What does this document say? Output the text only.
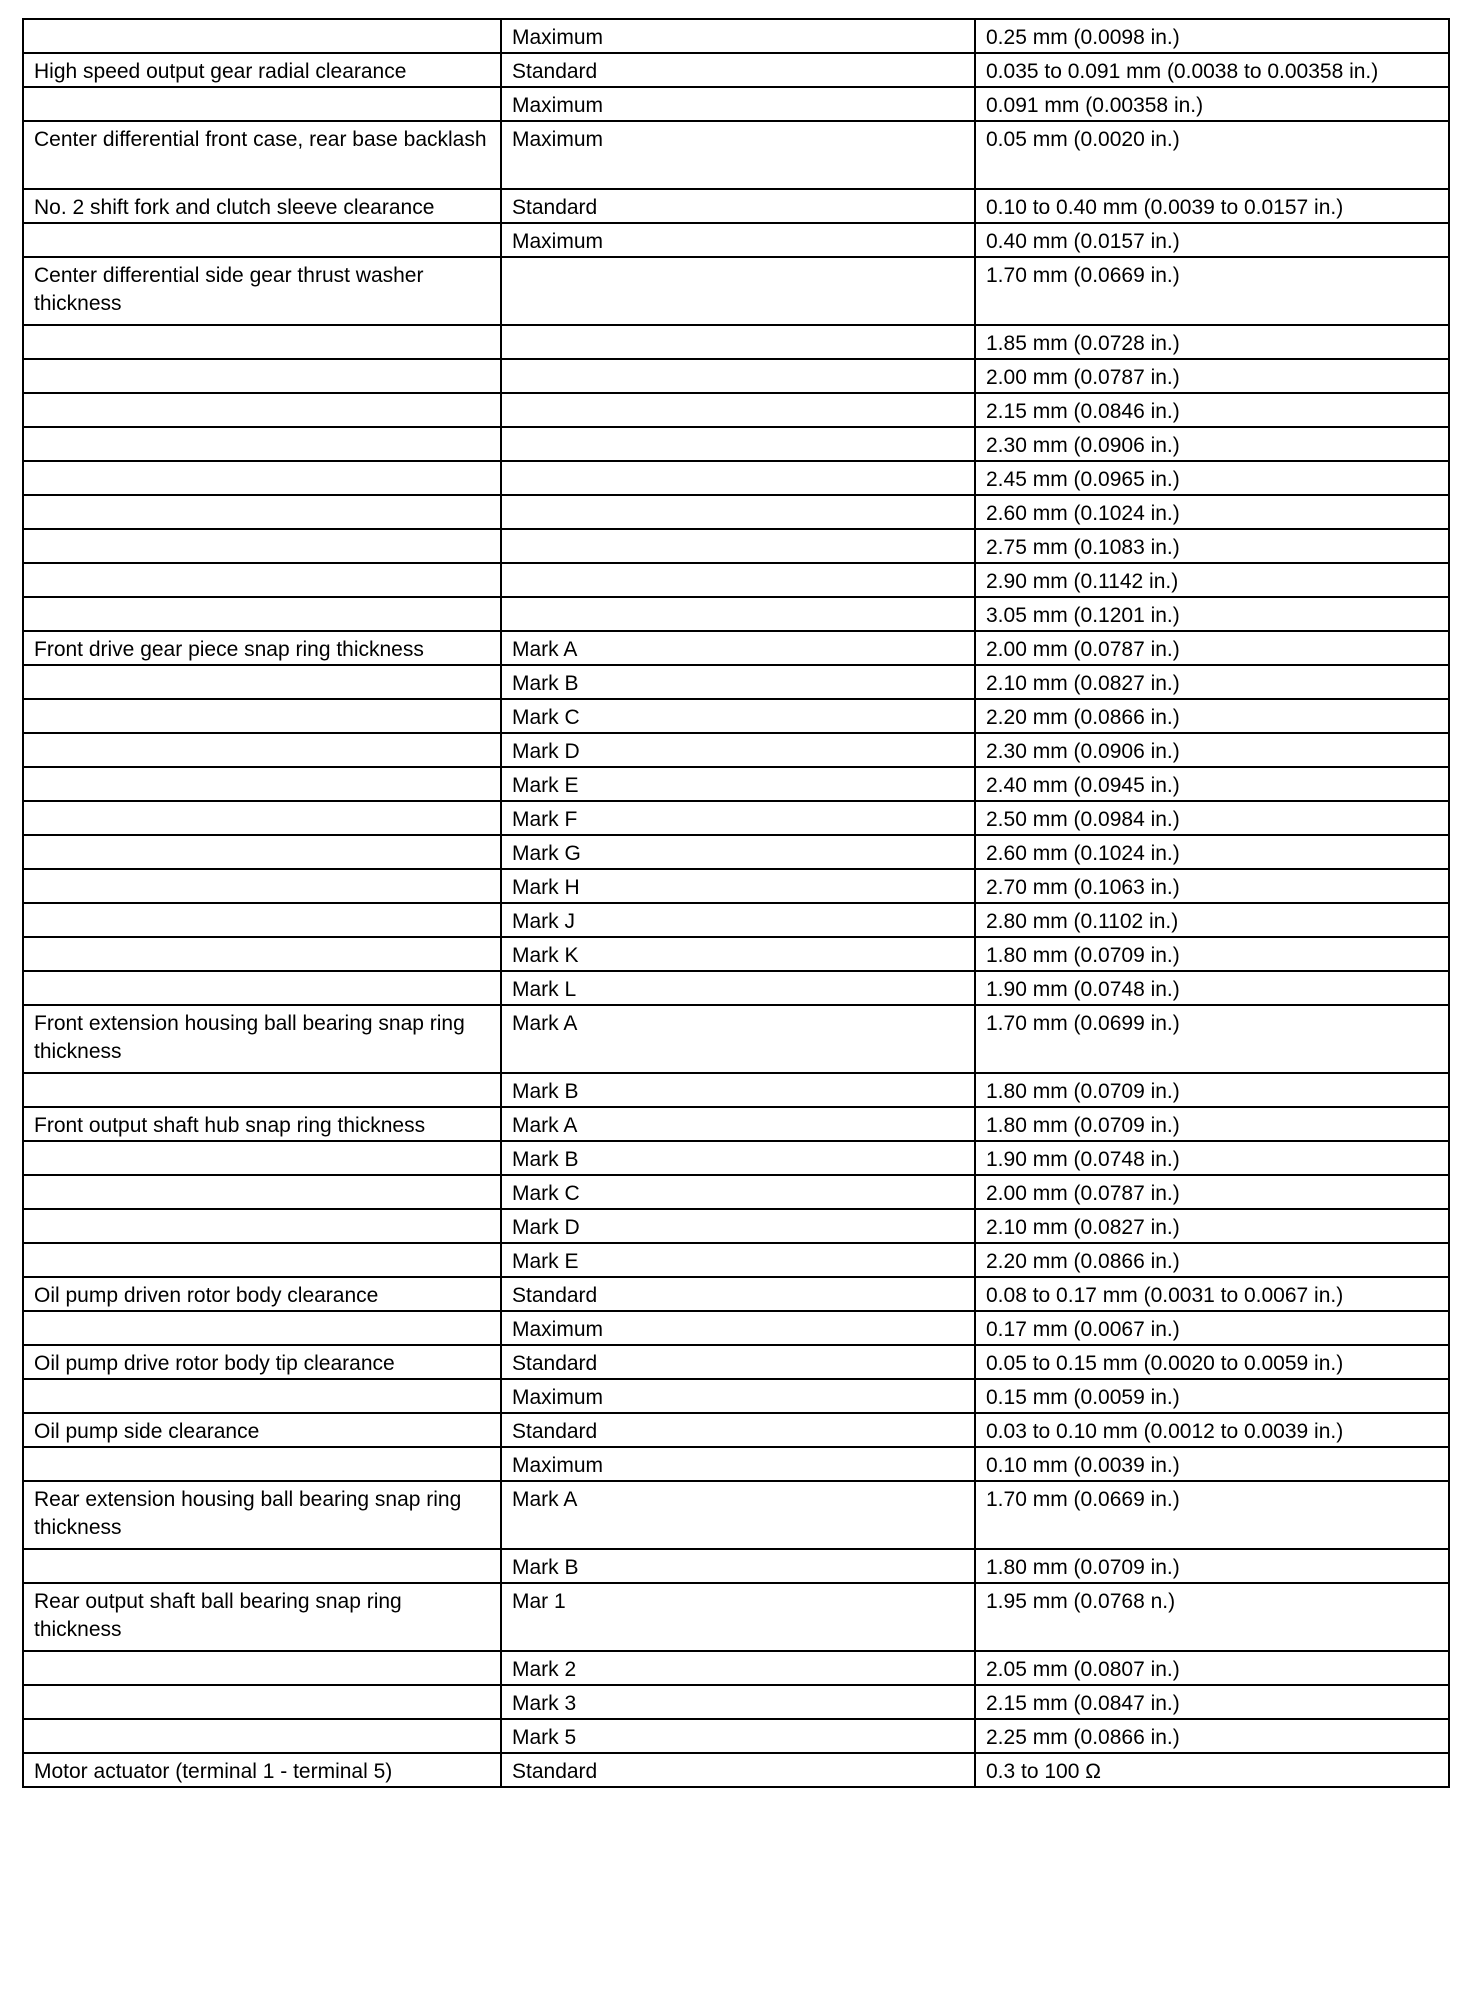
	Maximum	0.25 mm (0.0098 in.)
High speed output gear radial clearance	Standard	0.035 to 0.091 mm (0.0038 to 0.00358 in.)
	Maximum	0.091 mm (0.00358 in.)
Center differential front case, rear base backlash	Maximum	0.05 mm (0.0020 in.)
No. 2 shift fork and clutch sleeve clearance	Standard	0.10 to 0.40 mm (0.0039 to 0.0157 in.)
	Maximum	0.40 mm (0.0157 in.)
Center differential side gear thrust washer thickness		1.70 mm (0.0669 in.)
		1.85 mm (0.0728 in.)
		2.00 mm (0.0787 in.)
		2.15 mm (0.0846 in.)
		2.30 mm (0.0906 in.)
		2.45 mm (0.0965 in.)
		2.60 mm (0.1024 in.)
		2.75 mm (0.1083 in.)
		2.90 mm (0.1142 in.)
		3.05 mm (0.1201 in.)
Front drive gear piece snap ring thickness	Mark A	2.00 mm (0.0787 in.)
	Mark B	2.10 mm (0.0827 in.)
	Mark C	2.20 mm (0.0866 in.)
	Mark D	2.30 mm (0.0906 in.)
	Mark E	2.40 mm (0.0945 in.)
	Mark F	2.50 mm (0.0984 in.)
	Mark G	2.60 mm (0.1024 in.)
	Mark H	2.70 mm (0.1063 in.)
	Mark J	2.80 mm (0.1102 in.)
	Mark K	1.80 mm (0.0709 in.)
	Mark L	1.90 mm (0.0748 in.)
Front extension housing ball bearing snap ring thickness	Mark A	1.70 mm (0.0699 in.)
	Mark B	1.80 mm (0.0709 in.)
Front output shaft hub snap ring thickness	Mark A	1.80 mm (0.0709 in.)
	Mark B	1.90 mm (0.0748 in.)
	Mark C	2.00 mm (0.0787 in.)
	Mark D	2.10 mm (0.0827 in.)
	Mark E	2.20 mm (0.0866 in.)
Oil pump driven rotor body clearance	Standard	0.08 to 0.17 mm (0.0031 to 0.0067 in.)
	Maximum	0.17 mm (0.0067 in.)
Oil pump drive rotor body tip clearance	Standard	0.05 to 0.15 mm (0.0020 to 0.0059 in.)
	Maximum	0.15 mm (0.0059 in.)
Oil pump side clearance	Standard	0.03 to 0.10 mm (0.0012 to 0.0039 in.)
	Maximum	0.10 mm (0.0039 in.)
Rear extension housing ball bearing snap ring thickness	Mark A	1.70 mm (0.0669 in.)
	Mark B	1.80 mm (0.0709 in.)
Rear output shaft ball bearing snap ring thickness	Mar 1	1.95 mm (0.0768 n.)
	Mark 2	2.05 mm (0.0807 in.)
	Mark 3	2.15 mm (0.0847 in.)
	Mark 5	2.25 mm (0.0866 in.)
Motor actuator (terminal 1 - terminal 5)	Standard	0.3 to 100 Ω
